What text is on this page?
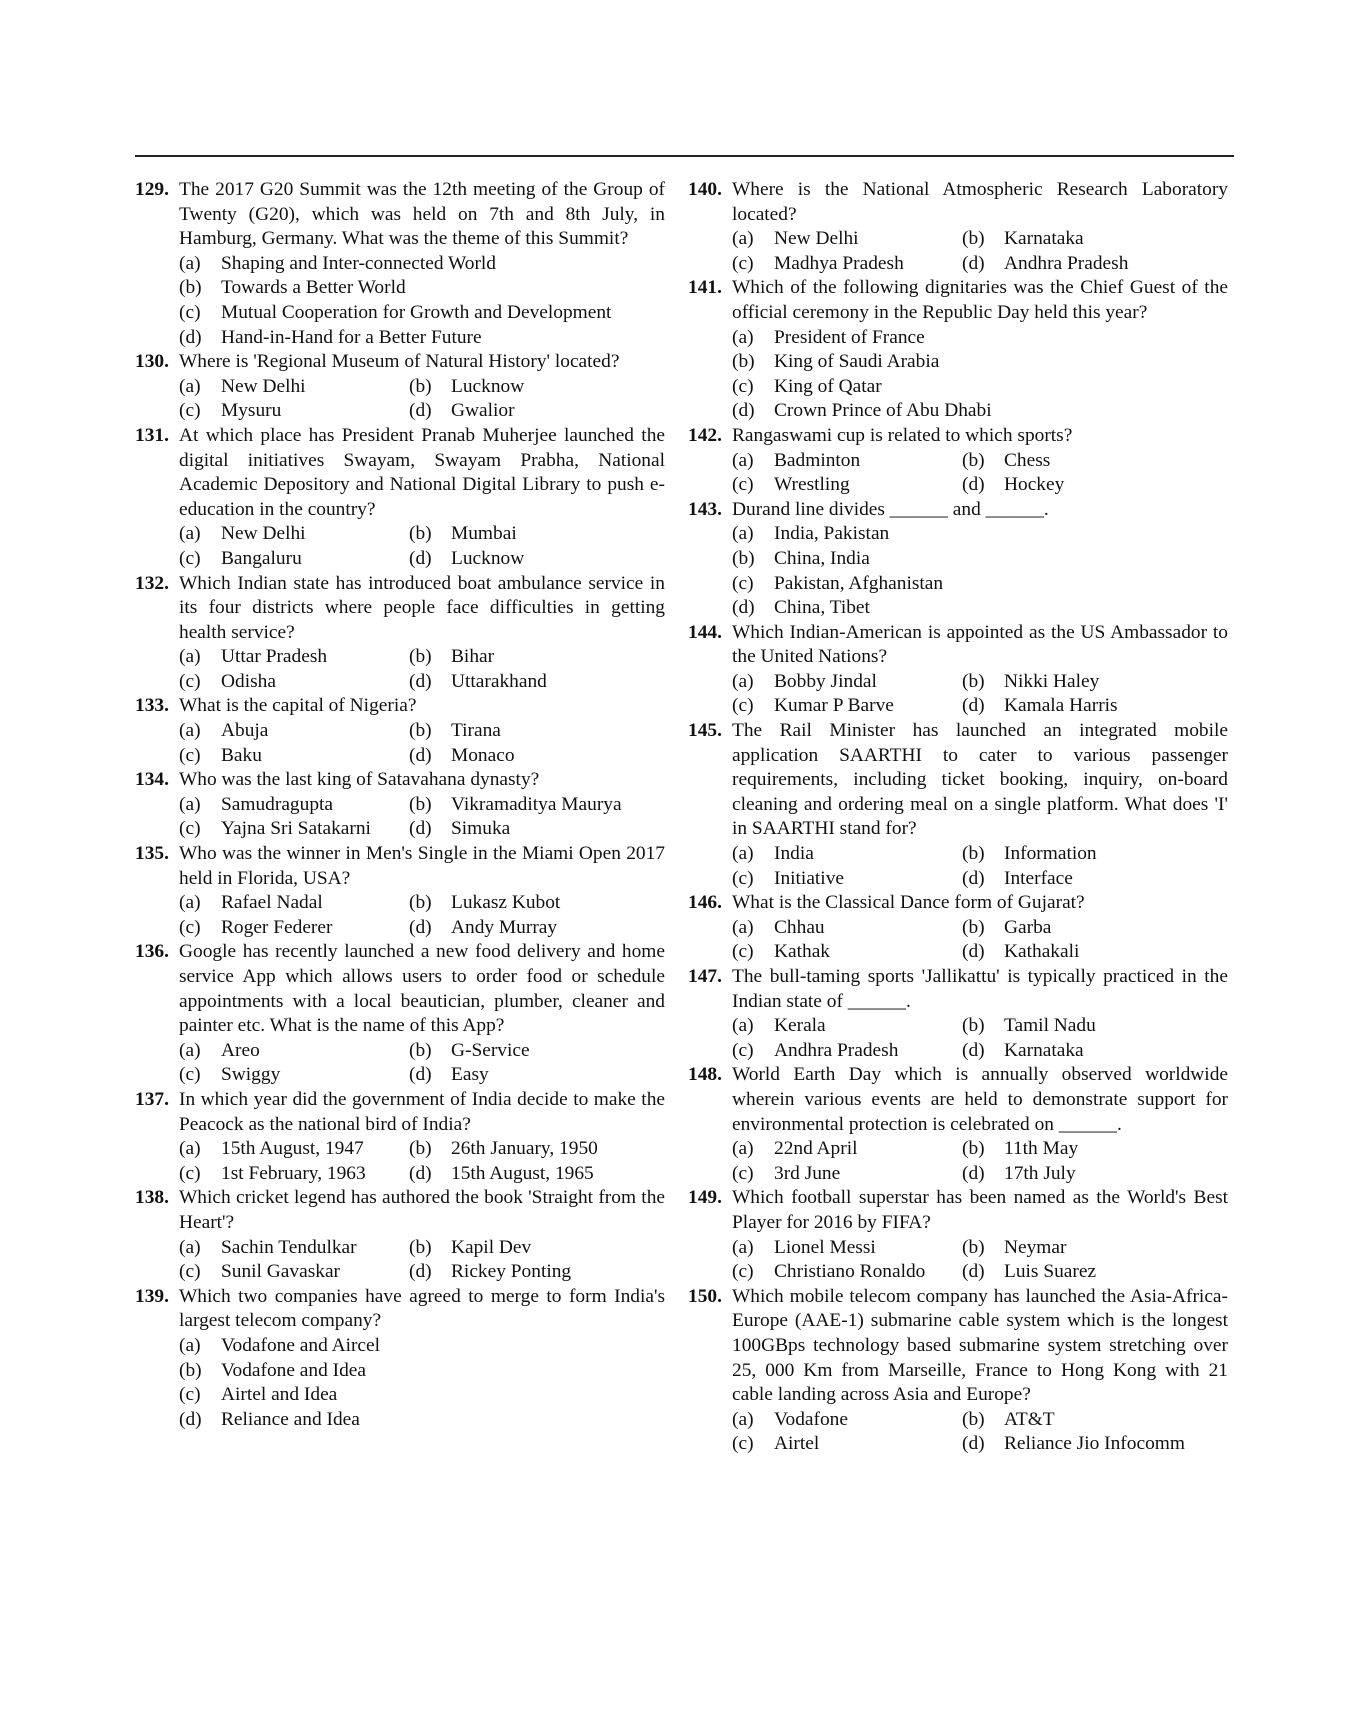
129. The 2017 G20 Summit was the 12th meeting of the Group of Twenty (G20), which was held on 7th and 8th July, in Hamburg, Germany. What was the theme of this Summit?
(a)	Shaping and Inter-connected World
(b) Towards a Better World
(c)	Mutual Cooperation for Growth and Development
(d) Hand-in-Hand for a Better Future
130. Where is 'Regional Museum of Natural History' located?
(a)	New Delhi	(b) Lucknow
(c)	Mysuru	(d) Gwalior
131. At which place has President Pranab Muherjee launched the digital initiatives Swayam, Swayam Prabha, National Academic Depository and National Digital Library to push e-education in the country?
(a)	New Delhi	(b) Mumbai
(c)	Bangaluru	(d) Lucknow
132. Which Indian state has introduced boat ambulance service in its four districts where people face difficulties in getting health service?
(a)	Uttar Pradesh	(b) Bihar
(c)	Odisha	(d) Uttarakhand
133. What is the capital of Nigeria?
(a)	Abuja	(b) Tirana
(c)	Baku	(d) Monaco
134. Who was the last king of Satavahana dynasty?
(a)	Samudragupta	(b) Vikramaditya Maurya
(c)	Yajna Sri Satakarni (d) Simuka
135. Who was the winner in Men's Single in the Miami Open 2017 held in Florida, USA?
(a)	Rafael Nadal	(b) Lukasz Kubot
(c)	Roger Federer	(d) Andy Murray
136. Google has recently launched a new food delivery and home service App which allows users to order food or schedule appointments with a local beautician, plumber, cleaner and painter etc. What is the name of this App?
(a)	Areo	(b) G-Service
(c)	Swiggy	(d) Easy
137. In which year did the government of India decide to make the Peacock as the national bird of India?
(a)	15th August, 1947 (b) 26th January, 1950
(c)	1st February, 1963 (d) 15th August, 1965
138. Which cricket legend has authored the book 'Straight from the Heart'?
(a)	Sachin Tendulkar	(b) Kapil Dev
(c)	Sunil Gavaskar	(d) Rickey Ponting
139. Which two companies have agreed to merge to form India's largest telecom company?
(a)	Vodafone and Aircel
(b) Vodafone and Idea
(c)	Airtel and Idea
(d) Reliance and Idea
140. Where is the National Atmospheric Research Laboratory located?
(a)	New Delhi	(b) Karnataka
(c)	Madhya Pradesh	(d) Andhra Pradesh
141. Which of the following dignitaries was the Chief Guest of the official ceremony in the Republic Day held this year?
(a)	President of France
(b) King of Saudi Arabia
(c)	King of Qatar
(d) Crown Prince of Abu Dhabi
142. Rangaswami cup is related to which sports?
(a)	Badminton	(b) Chess
(c)	Wrestling	(d) Hockey
143. Durand line divides ______ and ______.
(a)	India, Pakistan
(b) China, India
(c)	Pakistan, Afghanistan
(d) China, Tibet
144. Which Indian-American is appointed as the US Ambassador to the United Nations?
(a)	Bobby Jindal	(b) Nikki Haley
(c)	Kumar P Barve	(d) Kamala Harris
145. The Rail Minister has launched an integrated mobile application SAARTHI to cater to various passenger requirements, including ticket booking, inquiry, on-board cleaning and ordering meal on a single platform. What does 'I' in SAARTHI stand for?
(a)	India	(b) Information
(c)	Initiative	(d) Interface
146. What is the Classical Dance form of Gujarat?
(a)	Chhau	(b) Garba
(c)	Kathak	(d) Kathakali
147. The bull-taming sports 'Jallikattu' is typically practiced in the Indian state of ______.
(a)	Kerala	(b) Tamil Nadu
(c)	Andhra Pradesh	(d) Karnataka
148. World Earth Day which is annually observed worldwide wherein various events are held to demonstrate support for environmental protection is celebrated on ______.
(a)	22nd April	(b) 11th May
(c)	3rd June	(d) 17th July
149. Which football superstar has been named as the World's Best Player for 2016 by FIFA?
(a)	Lionel Messi	(b) Neymar
(c)	Christiano Ronaldo (d) Luis Suarez
150. Which mobile telecom company has launched the Asia-Africa-Europe (AAE-1) submarine cable system which is the longest 100GBps technology based submarine system stretching over 25, 000 Km from Marseille, France to Hong Kong with 21 cable landing across Asia and Europe?
(a)	Vodafone	(b) AT&T
(c)	Airtel	(d) Reliance Jio Infocomm
